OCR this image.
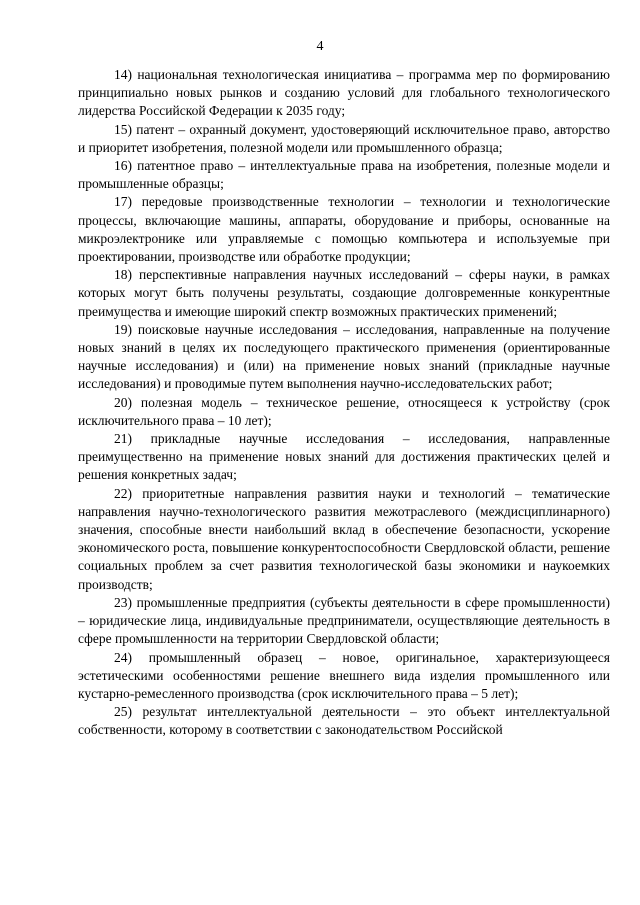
4

14) национальная технологическая инициатива – программа мер по формированию принципиально новых рынков и созданию условий для глобального технологического лидерства Российской Федерации к 2035 году;

15) патент – охранный документ, удостоверяющий исключительное право, авторство и приоритет изобретения, полезной модели или промышленного образца;

16) патентное право – интеллектуальные права на изобретения, полезные модели и промышленные образцы;

17) передовые производственные технологии – технологии и технологические процессы, включающие машины, аппараты, оборудование и приборы, основанные на микроэлектронике или управляемые с помощью компьютера и используемые при проектировании, производстве или обработке продукции;

18) перспективные направления научных исследований – сферы науки, в рамках которых могут быть получены результаты, создающие долговременные конкурентные преимущества и имеющие широкий спектр возможных практических применений;

19) поисковые научные исследования – исследования, направленные на получение новых знаний в целях их последующего практического применения (ориентированные научные исследования) и (или) на применение новых знаний (прикладные научные исследования) и проводимые путем выполнения научно-исследовательских работ;

20) полезная модель – техническое решение, относящееся к устройству (срок исключительного права – 10 лет);

21) прикладные научные исследования – исследования, направленные преимущественно на применение новых знаний для достижения практических целей и решения конкретных задач;

22) приоритетные направления развития науки и технологий – тематические направления научно-технологического развития межотраслевого (междисциплинарного) значения, способные внести наибольший вклад в обеспечение безопасности, ускорение экономического роста, повышение конкурентоспособности Свердловской области, решение социальных проблем за счет развития технологической базы экономики и наукоемких производств;

23) промышленные предприятия (субъекты деятельности в сфере промышленности) – юридические лица, индивидуальные предприниматели, осуществляющие деятельность в сфере промышленности на территории Свердловской области;

24) промышленный образец – новое, оригинальное, характеризующееся эстетическими особенностями решение внешнего вида изделия промышленного или кустарно-ремесленного производства (срок исключительного права – 5 лет);

25) результат интеллектуальной деятельности – это объект интеллектуальной собственности, которому в соответствии с законодательством Российской
